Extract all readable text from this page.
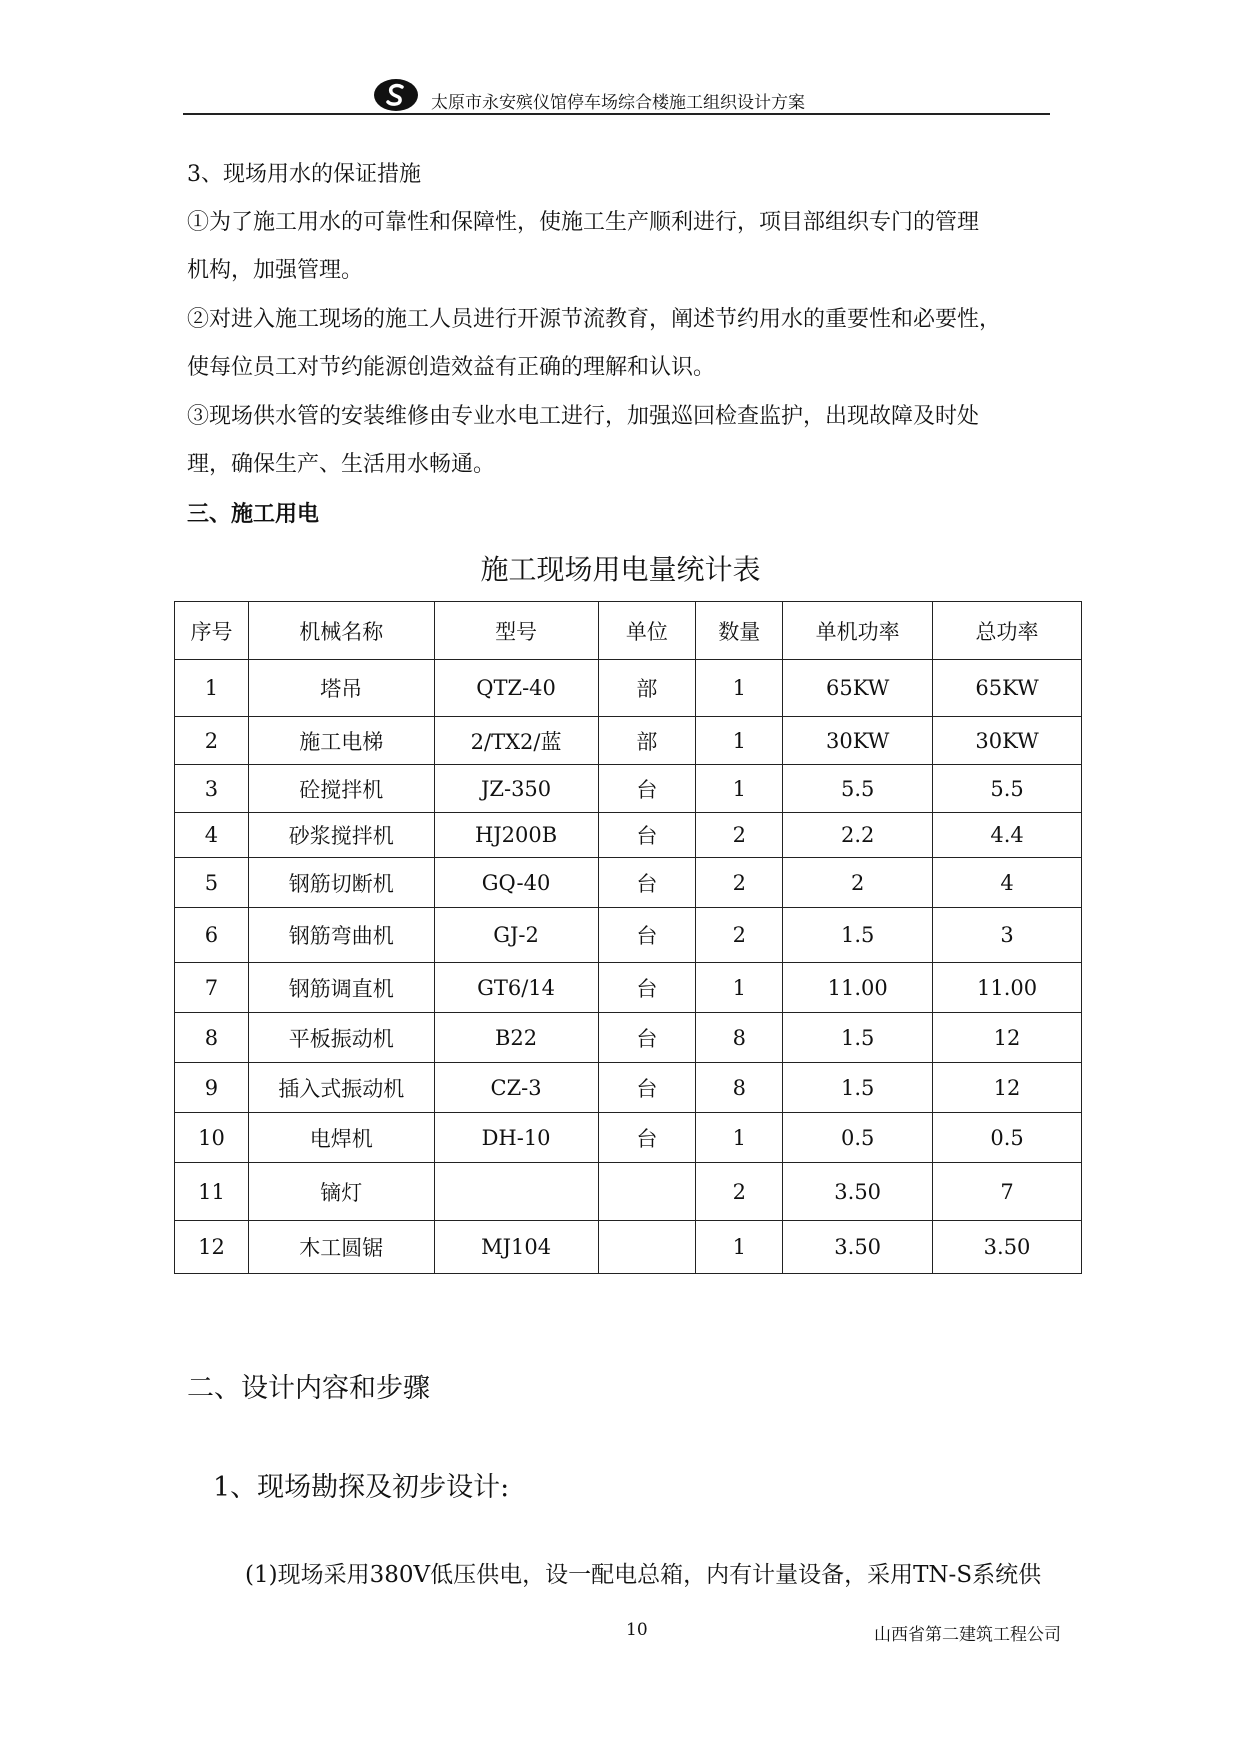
太原市永安殡仪馆停车场综合楼施工组织设计方案
3、现场用水的保证措施
①为了施工用水的可靠性和保障性，使施工生产顺利进行，项目部组织专门的管理
机构，加强管理。
②对进入施工现场的施工人员进行开源节流教育，阐述节约用水的重要性和必要性，
使每位员工对节约能源创造效益有正确的理解和认识。
③现场供水管的安装维修由专业水电工进行，加强巡回检查监护，出现故障及时处
理，确保生产、生活用水畅通。
三、施工用电
施工现场用电量统计表
序号	机械名称	型号	单位	数量	单机功率	总功率
1	塔吊	QTZ-40	部	1	65KW	65KW
2	施工电梯	2/TX2/蓝	部	1	30KW	30KW
3	砼搅拌机	JZ-350	台	1	5.5	5.5
4	砂浆搅拌机	HJ200B	台	2	2.2	4.4
5	钢筋切断机	GQ-40	台	2	2	4
6	钢筋弯曲机	GJ-2	台	2	1.5	3
7	钢筋调直机	GT6/14	台	1	11.00	11.00
8	平板振动机	B22	台	8	1.5	12
9	插入式振动机	CZ-3	台	8	1.5	12
10	电焊机	DH-10	台	1	0.5	0.5
11	镝灯			2	3.50	7
12	木工圆锯	MJ104		1	3.50	3.50
二、设计内容和步骤
1、现场勘探及初步设计:
(1)现场采用380V低压供电，设一配电总箱，内有计量设备，采用TN-S系统供
10	山西省第二建筑工程公司
